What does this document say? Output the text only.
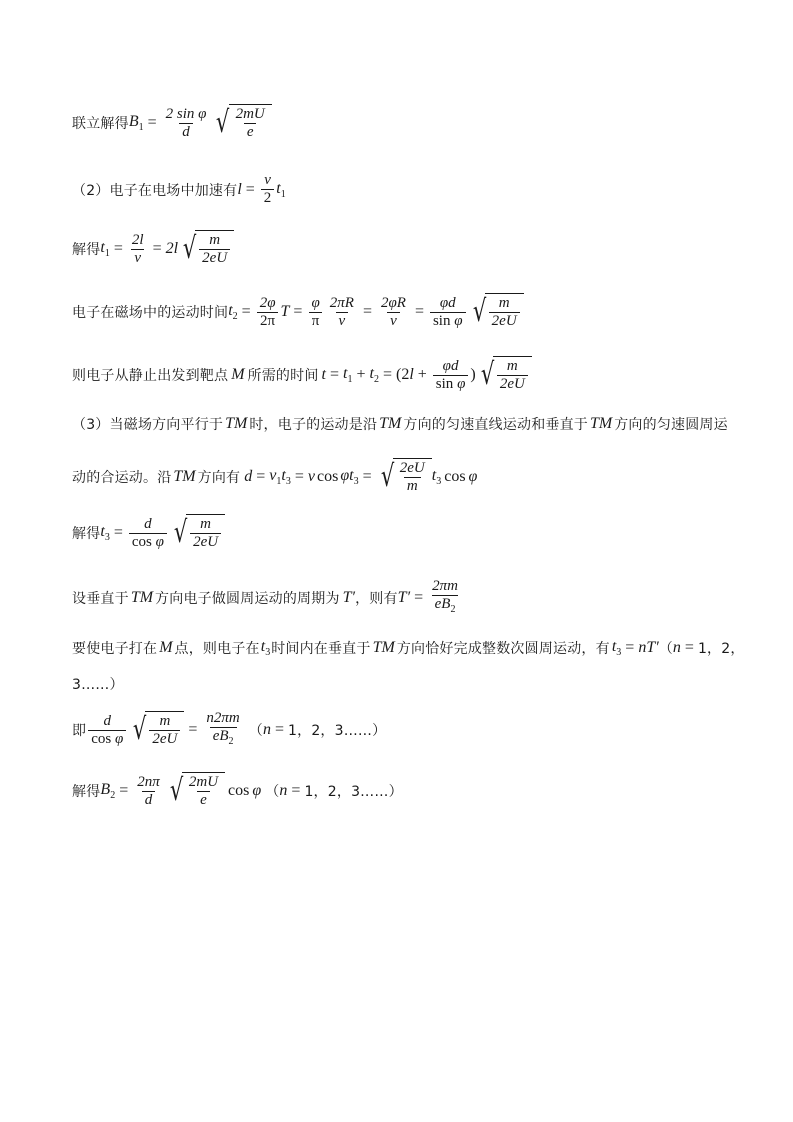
联立解得 $B_1 = \frac{\text{2 sin φ}}{d}$ √ $\frac{2mU}{e}$
（2）电子在电场中加速有 $l = \frac{v}{2} t_1$
解得 $t_1 = \frac{2l}{v} = 2l$ √ $\frac{m}{2eU}$
电子在磁场中的运动时间 $t_2 = \frac{2\varphi}{2\pi}$ $T = \frac{\varphi}{\pi} \frac{2\pi R}{v} = \frac{2\varphi R}{v} = \frac{\varphi d}{\text{sin φ}}$ √ $\frac{m}{2eU}$
则电子从静止出发到靶点 M 所需的时间 $t = t_1 + t_2 = (2l + \frac{\varphi d}{\text{sin φ}}$ ) √ $\frac{m}{2eU}$
（3）当磁场方向平行于 TM 时，电子的运动是沿 TM 方向的匀速直线运动和垂直于 TM 方向的匀速圆周运
动的合运动。沿 TM 方向有 $d = v_1t_3 = v$ $\cos \varphi t_3$ = √ $\frac{2eU}{m} t_3$ cos φ
解得 $t_3 = \frac{d}{\text{cos φ}}$ √ $\frac{m}{2eU}$
设垂直于 TM 方向电子做圆周运动的周期为 T′ ，则有 $T' = \frac{2\pi m}{eB_2}$
要使电子打在 M 点，则电子在 $t_3$ 时间内在垂直于 TM 方向恰好完成整数次圆周运动，有 $t_3 = nT'$ （ n = 1，2，
3……）
即 $\frac{d}{\text{cos φ}}$ √ $\frac{m}{2eU} = \frac{n2\pi m}{eB_2}$ （ n = 1，2，3……）
解得 $B_2 = \frac{2n\pi}{d}$ √ $\frac{2mU}{e}$ cos φ （ n = 1，2，3……）
